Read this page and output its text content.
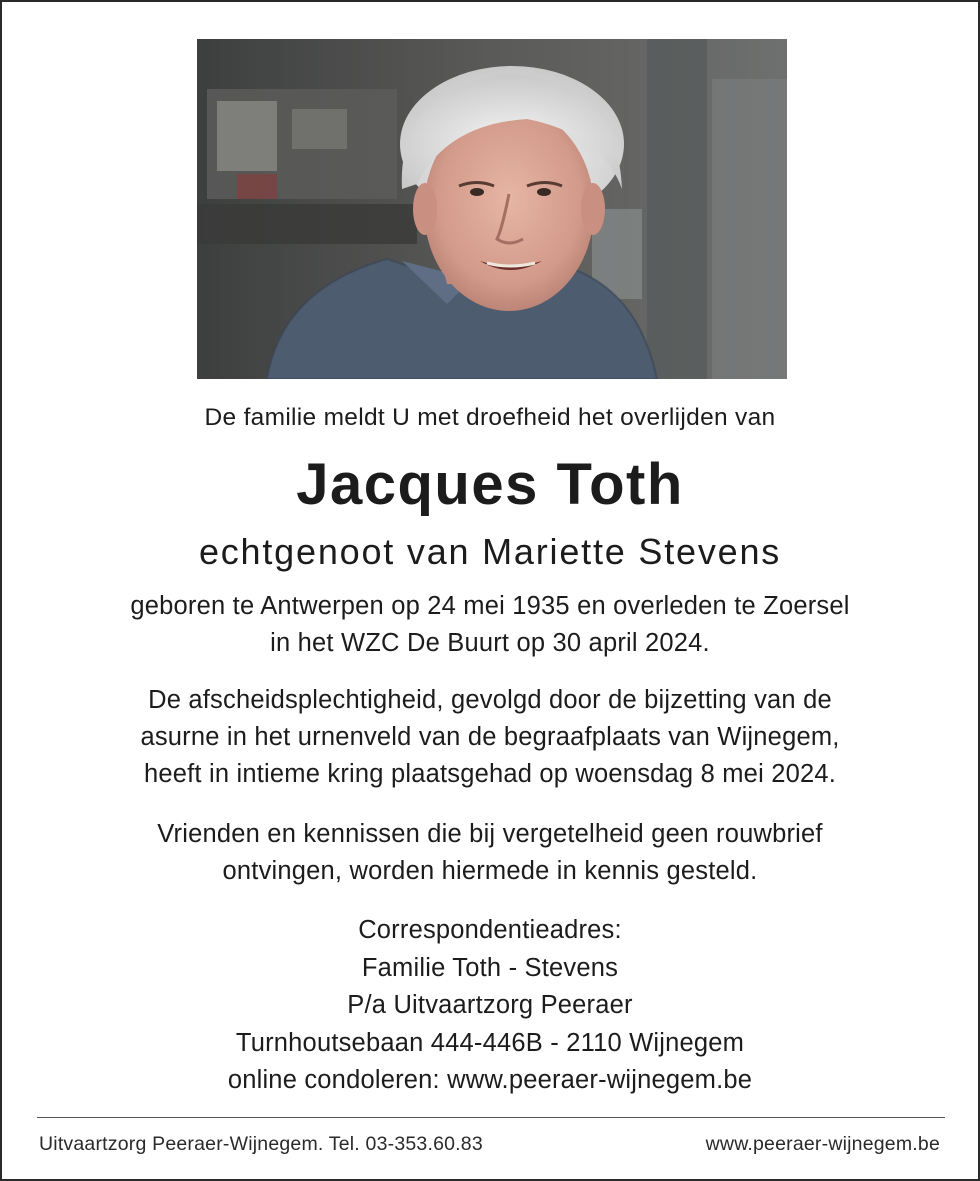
De familie meldt U met droefheid het overlijden van
Jacques Toth
echtgenoot van Mariette Stevens
geboren te Antwerpen op 24 mei 1935 en overleden te Zoersel
in het WZC De Buurt op 30 april 2024.
De afscheidsplechtigheid, gevolgd door de bijzetting van de
asurne in het urnenveld van de begraafplaats van Wijnegem,
heeft in intieme kring plaatsgehad op woensdag 8 mei 2024.
Vrienden en kennissen die bij vergetelheid geen rouwbrief
ontvingen, worden hiermede in kennis gesteld.
Correspondentieadres:
Familie Toth - Stevens
P/a Uitvaartzorg Peeraer
Turnhoutsebaan 444-446B - 2110 Wijnegem
online condoleren: www.peeraer-wijnegem.be
Uitvaartzorg Peeraer-Wijnegem. Tel. 03-353.60.83	www.peeraer-wijnegem.be
